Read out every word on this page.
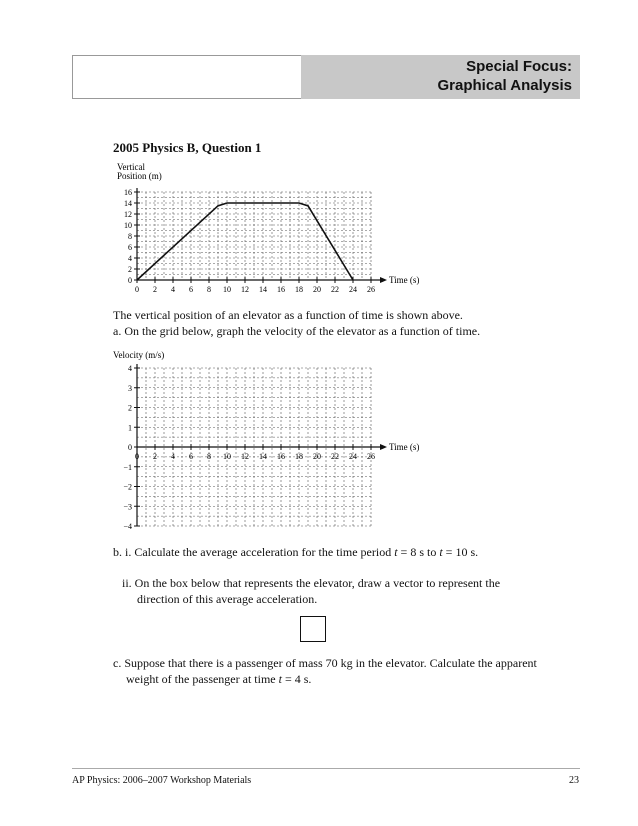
Special Focus:
Graphical Analysis
2005 Physics B, Question 1
Vertical
Position (m)
0
2
4
6
8
10
12
14
16
0 2 4 6 8 10 12 14 16 18 20 22 24 26
Time (s)
The vertical position of an elevator as a function of time is shown above.
a. On the grid below, graph the velocity of the elevator as a function of time.
Velocity (m/s)
−4
−3
−2
−1
0
1
2
3
4
0 2 4 6 8 10 12 14 16 18 20 22 24 26
Time (s)
b. i. Calculate the average acceleration for the time period t = 8 s to t = 10 s.
ii. On the box below that represents the elevator, draw a vector to represent the
direction of this average acceleration.
c. Suppose that there is a passenger of mass 70 kg in the elevator. Calculate the apparent
weight of the passenger at time t = 4 s.
AP Physics: 2006–2007 Workshop Materials	23
